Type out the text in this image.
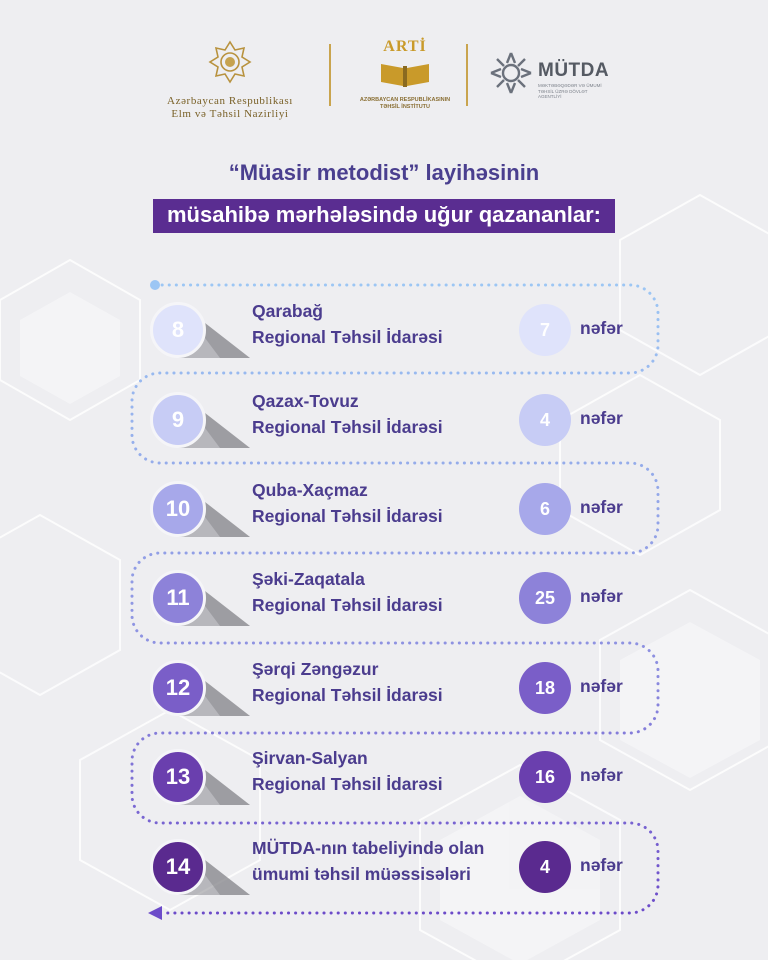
Azərbaycan Respublikası
Elm və Təhsil Nazirliyi
ARTİ
AZƏRBAYCAN RESPUBLİKASININ
TƏHSİL İNSTİTUTU
MÜTDA
MƏKTƏBƏQƏDƏR VƏ ÜMUMİ TƏHSİL ÜZRƏ DÖVLƏT AGENTLİYİ
“Müasir metodist” layihəsinin
müsahibə mərhələsində uğur qazananlar:
8
Qarabağ
Regional Təhsil İdarəsi	7	nəfər
9
Qazax-Tovuz
Regional Təhsil İdarəsi	4	nəfər
10
Quba-Xaçmaz
Regional Təhsil İdarəsi	6	nəfər
11
Şəki-Zaqatala
Regional Təhsil İdarəsi	25	nəfər
12
Şərqi Zəngəzur
Regional Təhsil İdarəsi	18	nəfər
13
Şirvan-Salyan
Regional Təhsil İdarəsi	16	nəfər
14
MÜTDA-nın tabeliyində olan
ümumi təhsil müəssisələri	4	nəfər
